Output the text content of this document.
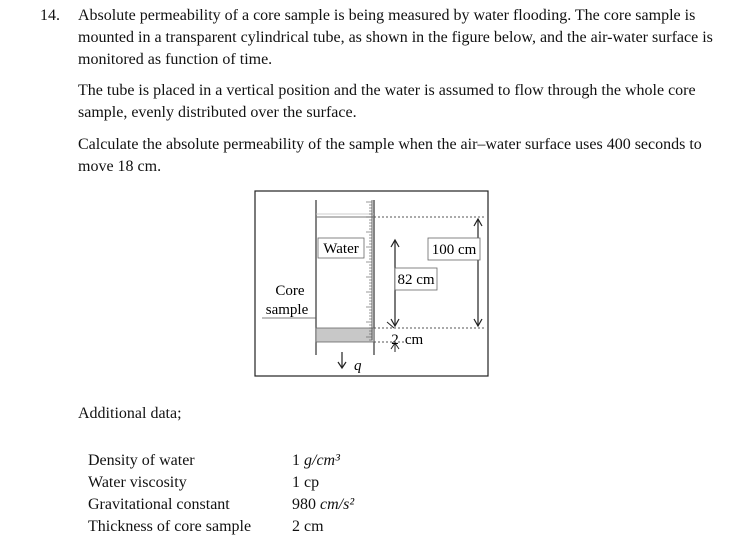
14. Absolute permeability of a core sample is being measured by water flooding. The core sample is mounted in a transparent cylindrical tube, as shown in the figure below, and the air-water surface is monitored as function of time.

The tube is placed in a vertical position and the water is assumed to flow through the whole core sample, evenly distributed over the surface.

Calculate the absolute permeability of the sample when the air–water surface uses 400 seconds to move 18 cm.

Water
Core
sample
82 cm
100 cm
2 cm
q

Additional data;

Density of water	1 g/cm³
Water viscosity	1 cp
Gravitational constant	980 cm/s²
Thickness of core sample	2 cm
